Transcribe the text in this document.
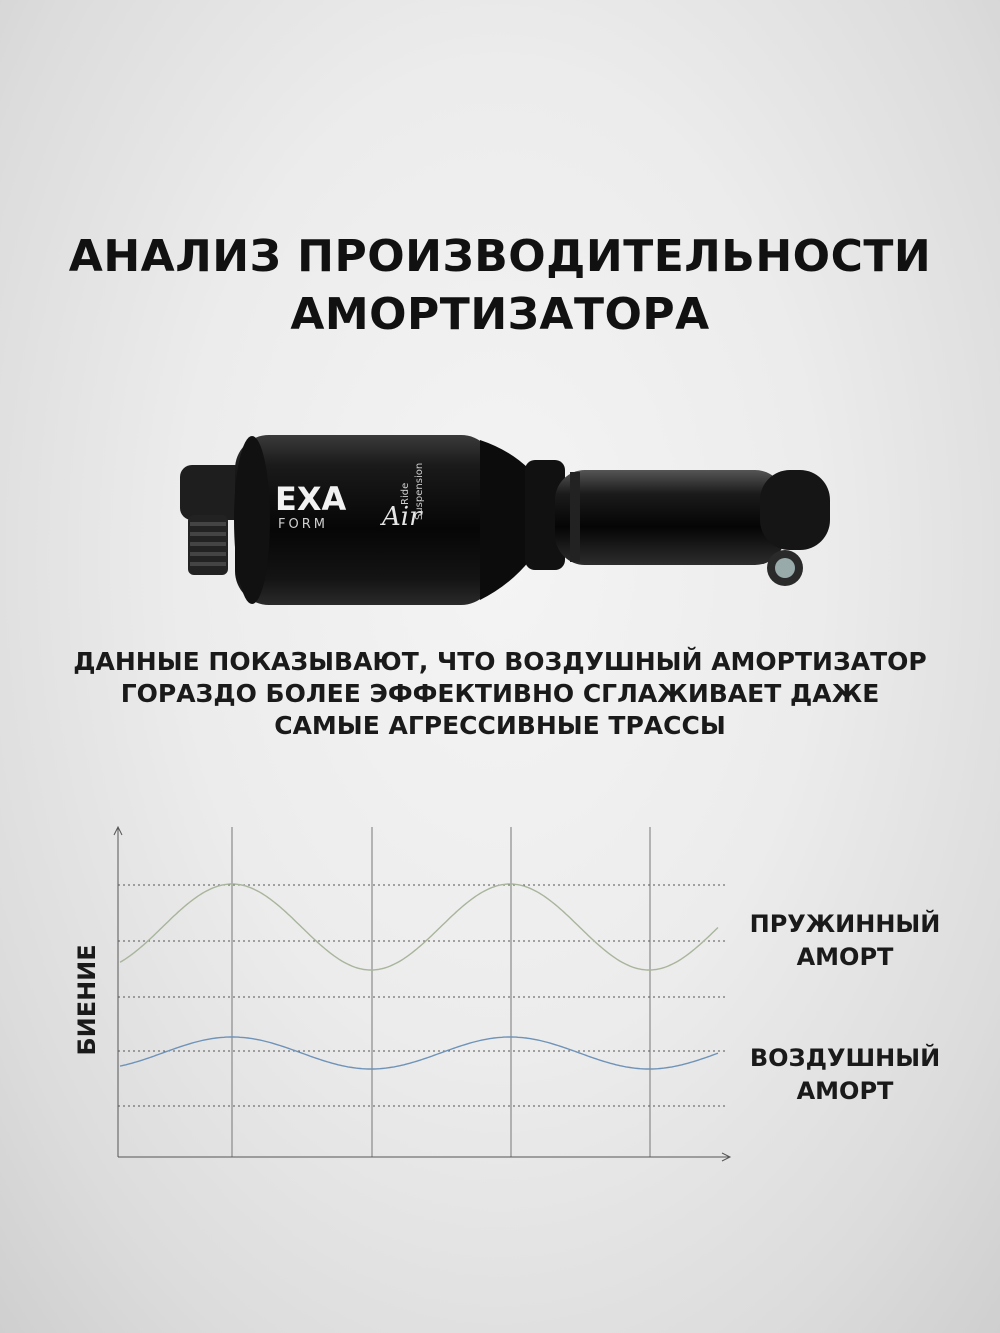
АНАЛИЗ ПРОИЗВОДИТЕЛЬНОСТИ
АМОРТИЗАТОРА
EXA
FORM Air
Ride Suspension
ДАННЫЕ ПОКАЗЫВАЮТ, ЧТО ВОЗДУШНЫЙ АМОРТИЗАТОР
ГОРАЗДО БОЛЕЕ ЭФФЕКТИВНО СГЛАЖИВАЕТ ДАЖЕ
САМЫЕ АГРЕССИВНЫЕ ТРАССЫ
БИЕНИЕ
ПРУЖИННЫЙ
АМОРТ
ВОЗДУШНЫЙ
АМОРТ
